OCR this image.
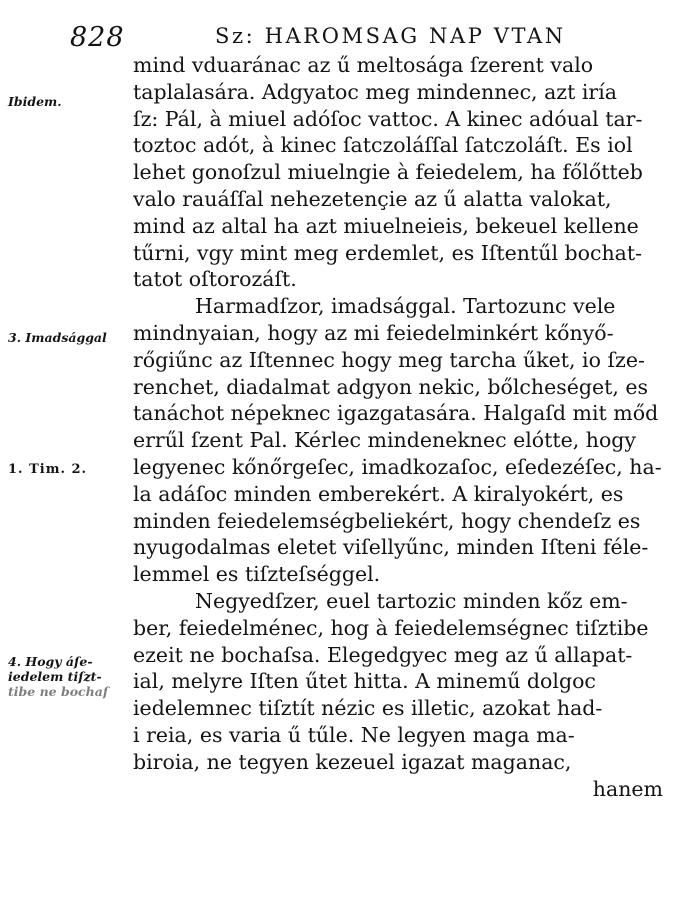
828	Sz: HAROMSAG NAP VTAN
Ibidem.
3. Imadsággal
1. Tim. 2.
4. Hogy áſe-
iedelem tiſzt-
tibe ne bochaſ
mind vduaránac az ű meltosága ſzerent valo
taplalasára. Adgyatoc meg mindennec, azt iría
ſz: Pál, à miuel adóſoc vattoc. A kinec adóual tar-
toztoc adót, à kinec ſatczoláſſal ſatczoláſt. Es iol
lehet gonoſzul miuelngie à feiedelem, ha főlőtteb
valo rauáſſal nehezetençie az ű alatta valokat,
mind az altal ha azt miuelneieis, bekeuel kellene
tűrni, vgy mint meg erdemlet, es Iſtentűl bochat-
tatot oſtorozáſt.
Harmadſzor, imadsággal. Tartozunc vele
mindnyaian, hogy az mi feiedelminkért kőnyő-
rőgiűnc az Iſtennec hogy meg tarcha űket, io ſze-
renchet, diadalmat adgyon nekic, bőlcheséget, es
tanáchot népeknec igazgatasára. Halgaſd mit mőd
errűl ſzent Pal. Kérlec mindeneknec elótte, hogy
legyenec kőnőrgeſec, imadkozaſoc, eſedezéſec, ha-
la adáſoc minden emberekért. A kiralyokért, es
minden feiedelemségbeliekért, hogy chendeſz es
nyugodalmas eletet viſellyűnc, minden Iſteni féle-
lemmel es tiſzteſséggel.
Negyedſzer, euel tartozic minden kőz em-
ber, feiedelménec, hog à feiedelemségnec tiſztibe
ezeit ne bochaſsa. Elegedgyec meg az ű allapat-
ial, melyre Iſten űtet hitta. A minemű dolgoc
iedelemnec tiſztít nézic es illetic, azokat had-
i reia, es varia ű tűle. Ne legyen maga ma-
biroia, ne tegyen kezeuel igazat maganac,
hanem
